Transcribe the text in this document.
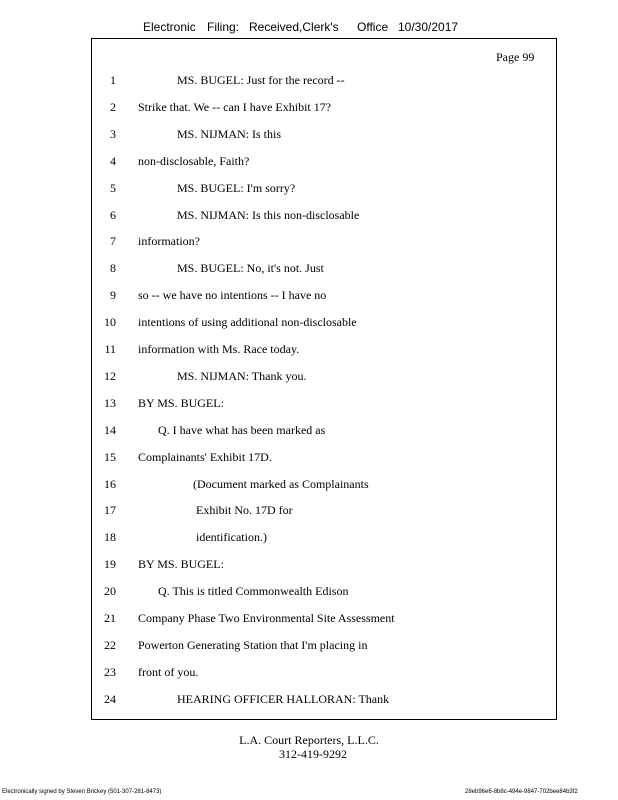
Electronic Filing: Received,Clerk's Office 10/30/2017
Page 99
1	MS. BUGEL: Just for the record --
2 Strike that. We -- can I have Exhibit 17?
3	MS. NIJMAN: Is this
4 non-disclosable, Faith?
5	MS. BUGEL: I'm sorry?
6	MS. NIJMAN: Is this non-disclosable
7 information?
8	MS. BUGEL: No, it's not. Just
9 so -- we have no intentions -- I have no
10 intentions of using additional non-disclosable
11 information with Ms. Race today.
12	MS. NIJMAN: Thank you.
13 BY MS. BUGEL:
14	Q. I have what has been marked as
15 Complainants' Exhibit 17D.
16	(Document marked as Complainants
17	Exhibit No. 17D for
18	identification.)
19 BY MS. BUGEL:
20	Q. This is titled Commonwealth Edison
21 Company Phase Two Environmental Site Assessment
22 Powerton Generating Station that I'm placing in
23 front of you.
24	HEARING OFFICER HALLORAN: Thank
L.A. Court Reporters, L.L.C.
312-419-9292
Electronically signed by Steven Brickey (501-307-281-8473)	28eb96e6-8b8c-494e-9847-702bee84b3f2
